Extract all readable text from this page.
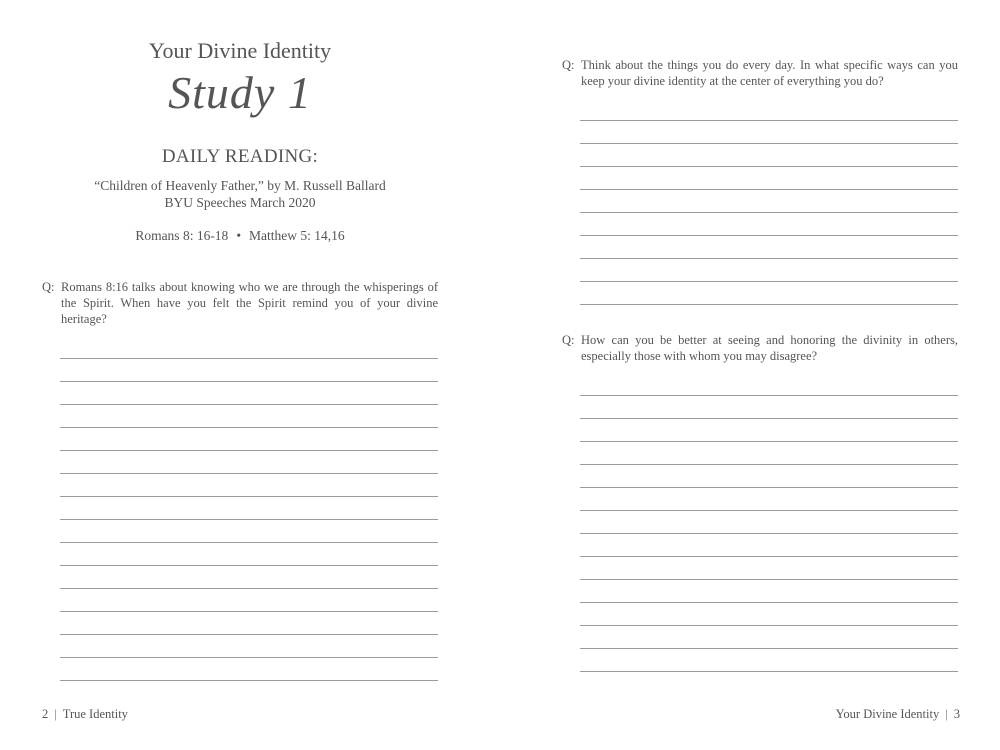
Your Divine Identity
Study 1
DAILY READING:
“Children of Heavenly Father,” by M. Russell Ballard
BYU Speeches March 2020
Romans 8: 16-18 • Matthew 5: 14,16
Q: Romans 8:16 talks about knowing who we are through the whisperings of the Spirit. When have you felt the Spirit remind you of your divine heritage?
2 | True Identity
Q: Think about the things you do every day. In what specific ways can you keep your divine identity at the center of everything you do?
Q: How can you be better at seeing and honoring the divinity in others, especially those with whom you may disagree?
Your Divine Identity | 3
